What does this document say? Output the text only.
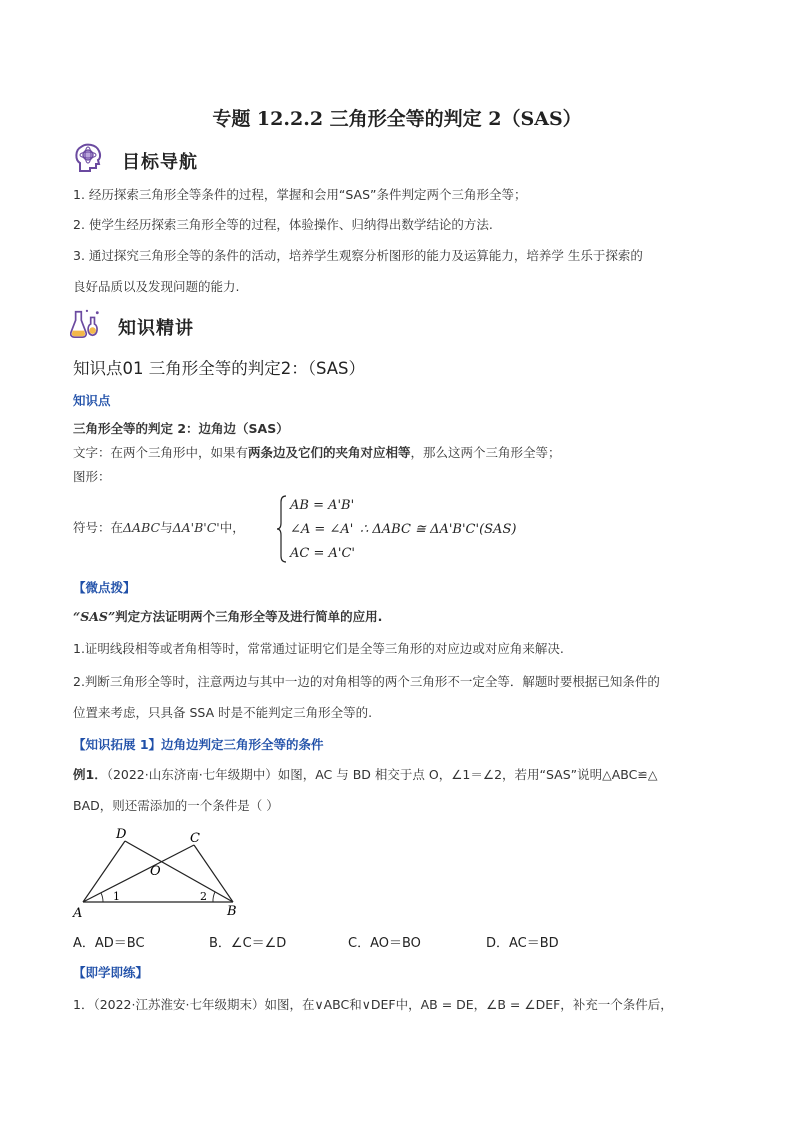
专题 12.2.2 三角形全等的判定 2（SAS）
目标导航
1. 经历探索三角形全等条件的过程，掌握和会用“SAS”条件判定两个三角形全等；
2. 使学生经历探索三角形全等的过程，体验操作、归纳得出数学结论的方法.
3. 通过探究三角形全等的条件的活动，培养学生观察分析图形的能力及运算能力，培养学 生乐于探索的
良好品质以及发现问题的能力.
知识精讲
知识点01 三角形全等的判定2：（SAS）
知识点
三角形全等的判定 2：边角边（SAS）
文字：在两个三角形中，如果有两条边及它们的夹角对应相等，那么这两个三角形全等；
图形：
符号：在ΔABC与ΔA'B'C'中，
AB = A'B'
∠A = ∠A'
AC = A'C'
∴ ΔABC ≅ ΔA'B'C'(SAS)
【微点拨】
“SAS”判定方法证明两个三角形全等及进行简单的应用.
1.证明线段相等或者角相等时，常常通过证明它们是全等三角形的对应边或对应角来解决.
2.判断三角形全等时，注意两边与其中一边的对角相等的两个三角形不一定全等．解题时要根据已知条件的
位置来考虑，只具备 SSA 时是不能判定三角形全等的.
【知识拓展 1】边角边判定三角形全等的条件
例1．（2022·山东济南·七年级期中）如图，AC 与 BD 相交于点 O，∠1＝∠2，若用“SAS”说明△ABC≌△
BAD，则还需添加的一个条件是（ ）
D	C
O
A	B
1	2
A．AD＝BC	B．∠C＝∠D	C．AO＝BO	D．AC＝BD
【即学即练】
1．（2022·江苏淮安·七年级期末）如图，在∨ABC和∨DEF中，AB = DE，∠B = ∠DEF，补充一个条件后，
